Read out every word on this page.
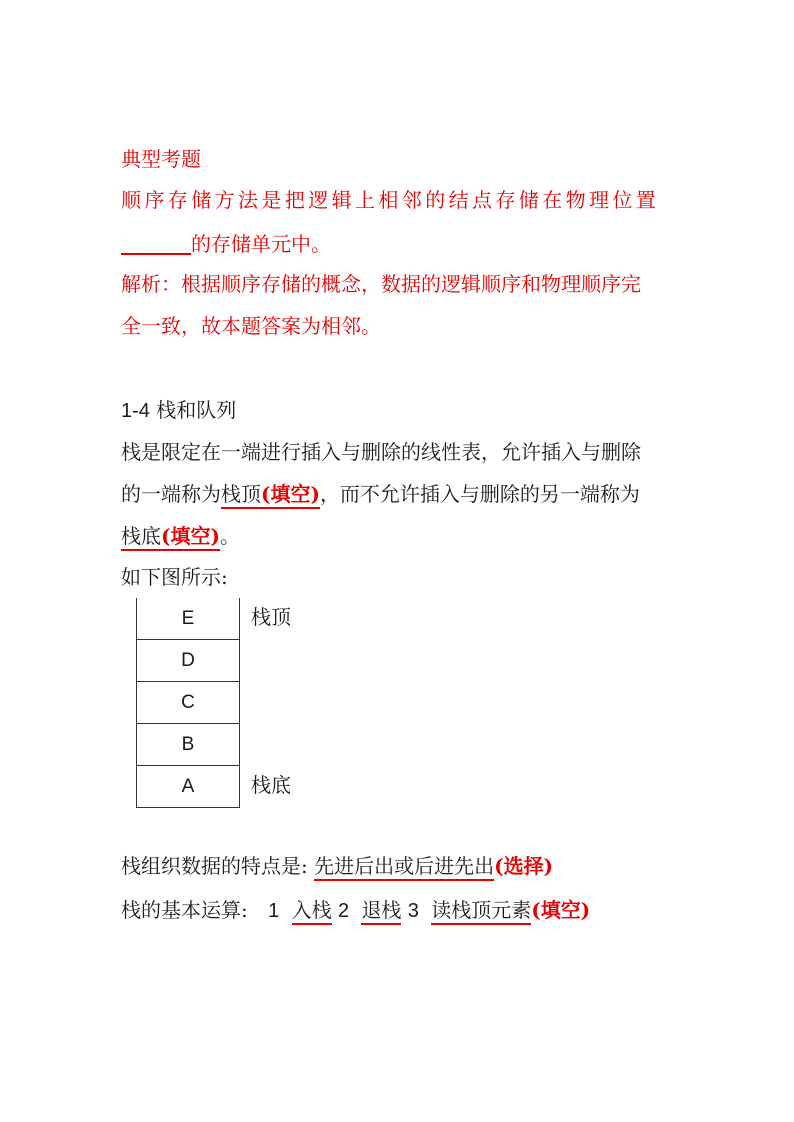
典型考题
顺序存储方法是把逻辑上相邻的结点存储在物理位置
的存储单元中。
解析：根据顺序存储的概念，数据的逻辑顺序和物理顺序完
全一致，故本题答案为相邻。
1-4 栈和队列
栈是限定在一端进行插入与删除的线性表，允许插入与删除
的一端称为栈顶(填空)，而不允许插入与删除的另一端称为
栈底(填空)。
如下图所示:
E
D
C
B
A
栈顶
栈底
栈组织数据的特点是: 先进后出或后进先出(选择)
栈的基本运算: 1 入栈 2 退栈 3 读栈顶元素(填空)
